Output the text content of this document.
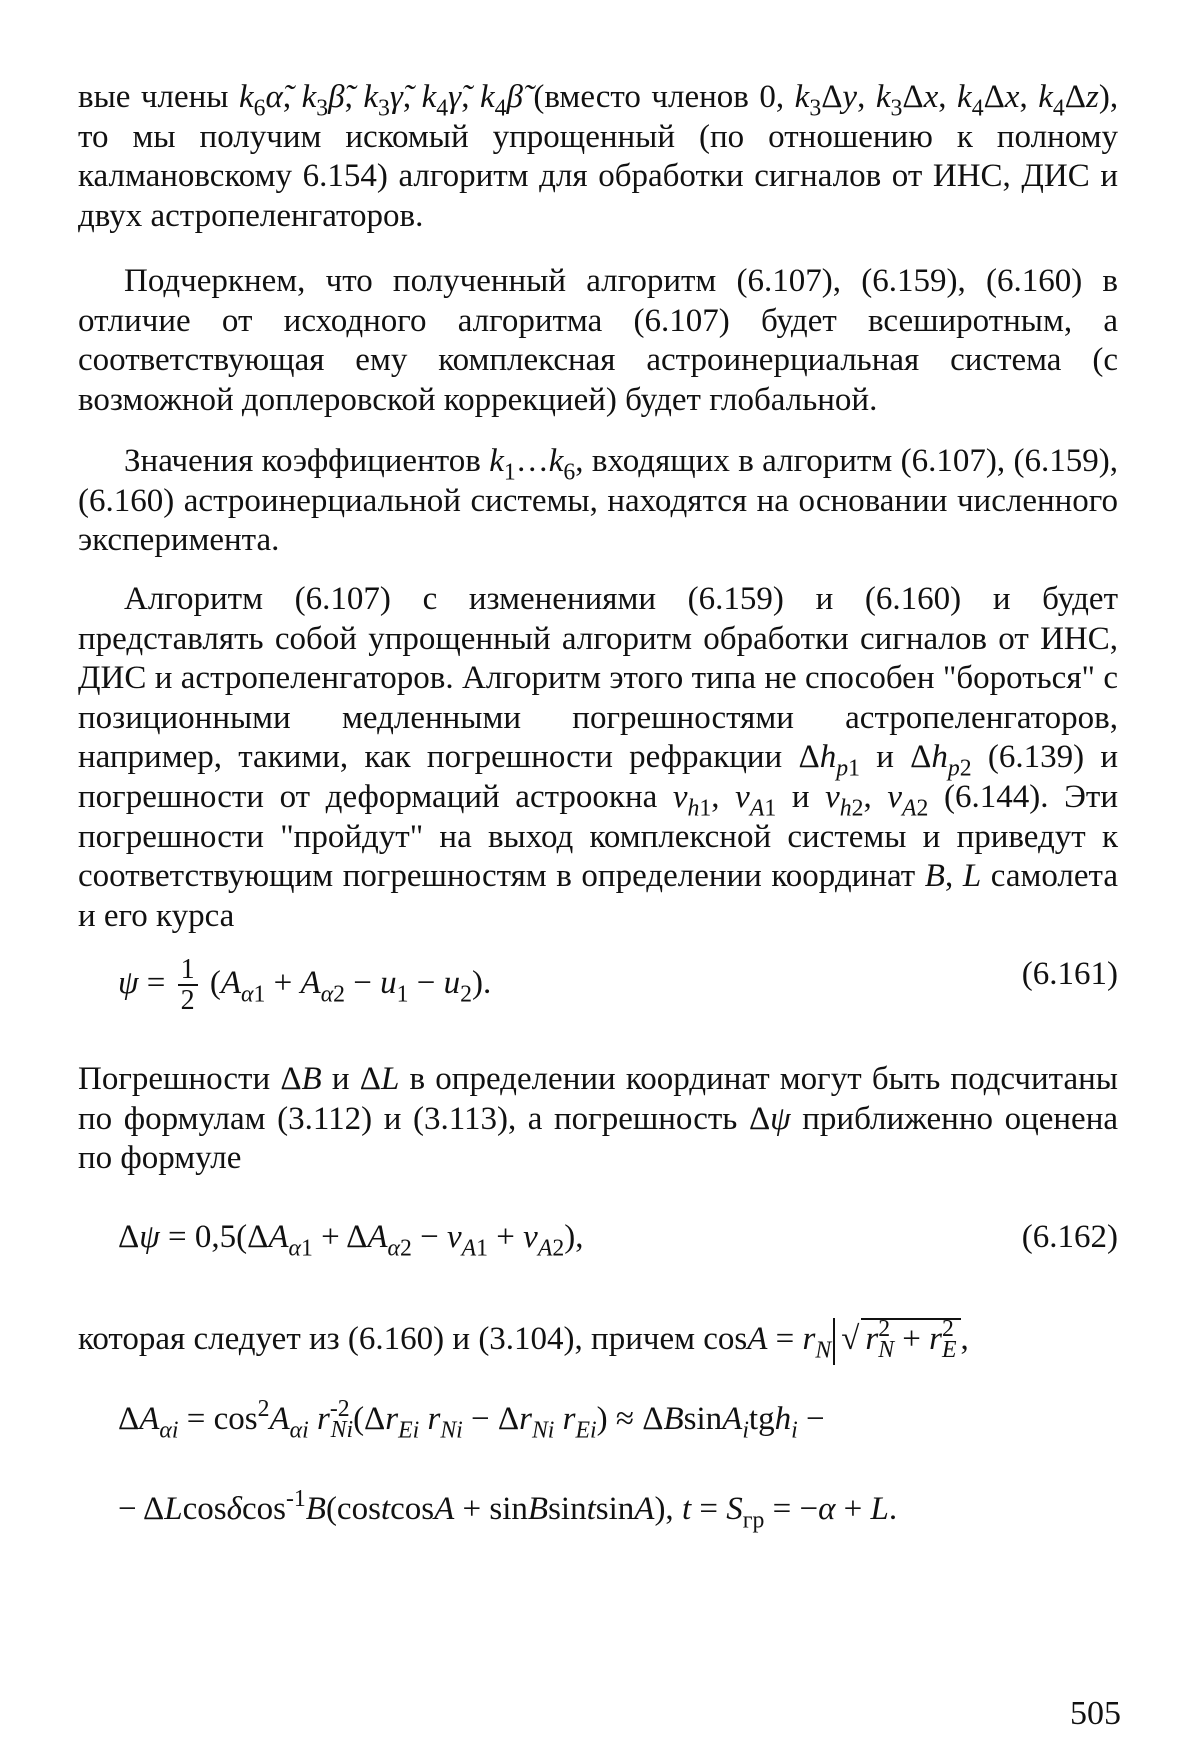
вые члены $k_6\alphã$, $k_3\betã$, $k_3\gammã$, $k_4\gammã$, $k_4\betã$ (вместо членов 0, $k_3\Delta y$, $k_3\Delta x$, $k_4\Delta x$, $k_4\Delta z$), то мы получим искомый упрощенный (по отношению к полному калмановскому 6.154) алгоритм для обработки сигналов от ИНС, ДИС и двух астропеленгаторов.

Подчеркнем, что полученный алгоритм (6.107), (6.159), (6.160) в отличие от исходного алгоритма (6.107) будет всеширотным, а соответствующая ему комплексная астроинерциальная система (с возможной доплеровской коррекцией) будет глобальной.

Значения коэффициентов $k_1\dots k_6$, входящих в алгоритм (6.107), (6.159), (6.160) астроинерциальной системы, находятся на основании численного эксперимента.

Алгоритм (6.107) с изменениями (6.159) и (6.160) и будет представлять собой упрощенный алгоритм обработки сигналов от ИНС, ДИС и астропеленгаторов. Алгоритм этого типа не способен "бороться" с позиционными медленными погрешностями астропеленгаторов, например, такими, как погрешности рефракции $\Delta h_{p1}$ и $\Delta h_{p2}$ (6.139) и погрешности от деформаций астроокна $\nu_{h1}$, $\nu_{A1}$ и $\nu_{h2}$, $\nu_{A2}$ (6.144). Эти погрешности "пройдут" на выход комплексной системы и приведут к соответствующим погрешностям в определении координат B, L самолета и его курса

$\psi = \frac{1}{2} (A_{\alpha 1} + A_{\alpha 2} - u_1 - u_2)$.	(6.161)

Погрешности ΔB и ΔL в определении координат могут быть подсчитаны по формулам (3.112) и (3.113), а погрешность Δψ приближенно оценена по формуле

$\Delta\psi = 0,5(\Delta A_{\alpha 1} + \Delta A_{\alpha 2} - \nu_{A1} + \nu_{A2})$,	(6.162)

которая следует из (6.160) и (3.104), причем $\cos A = r_N$ √ $r^2_N + r^2_E$ ,

$\Delta A_{\alpha i} = \cos^2A_{\alpha i}$ $r^{-2}_{Ni}(\Delta r_{Ei}$ $r_{Ni} - \Delta r_{Ni}$ $r_{Ei}) \approx \Delta BsinA_itgh_i$ −
− ΔLcosδcos$^{-1}$B(costcosA + sinBsintsinA), $t = S_{гр} = -\alpha + L$.
505
